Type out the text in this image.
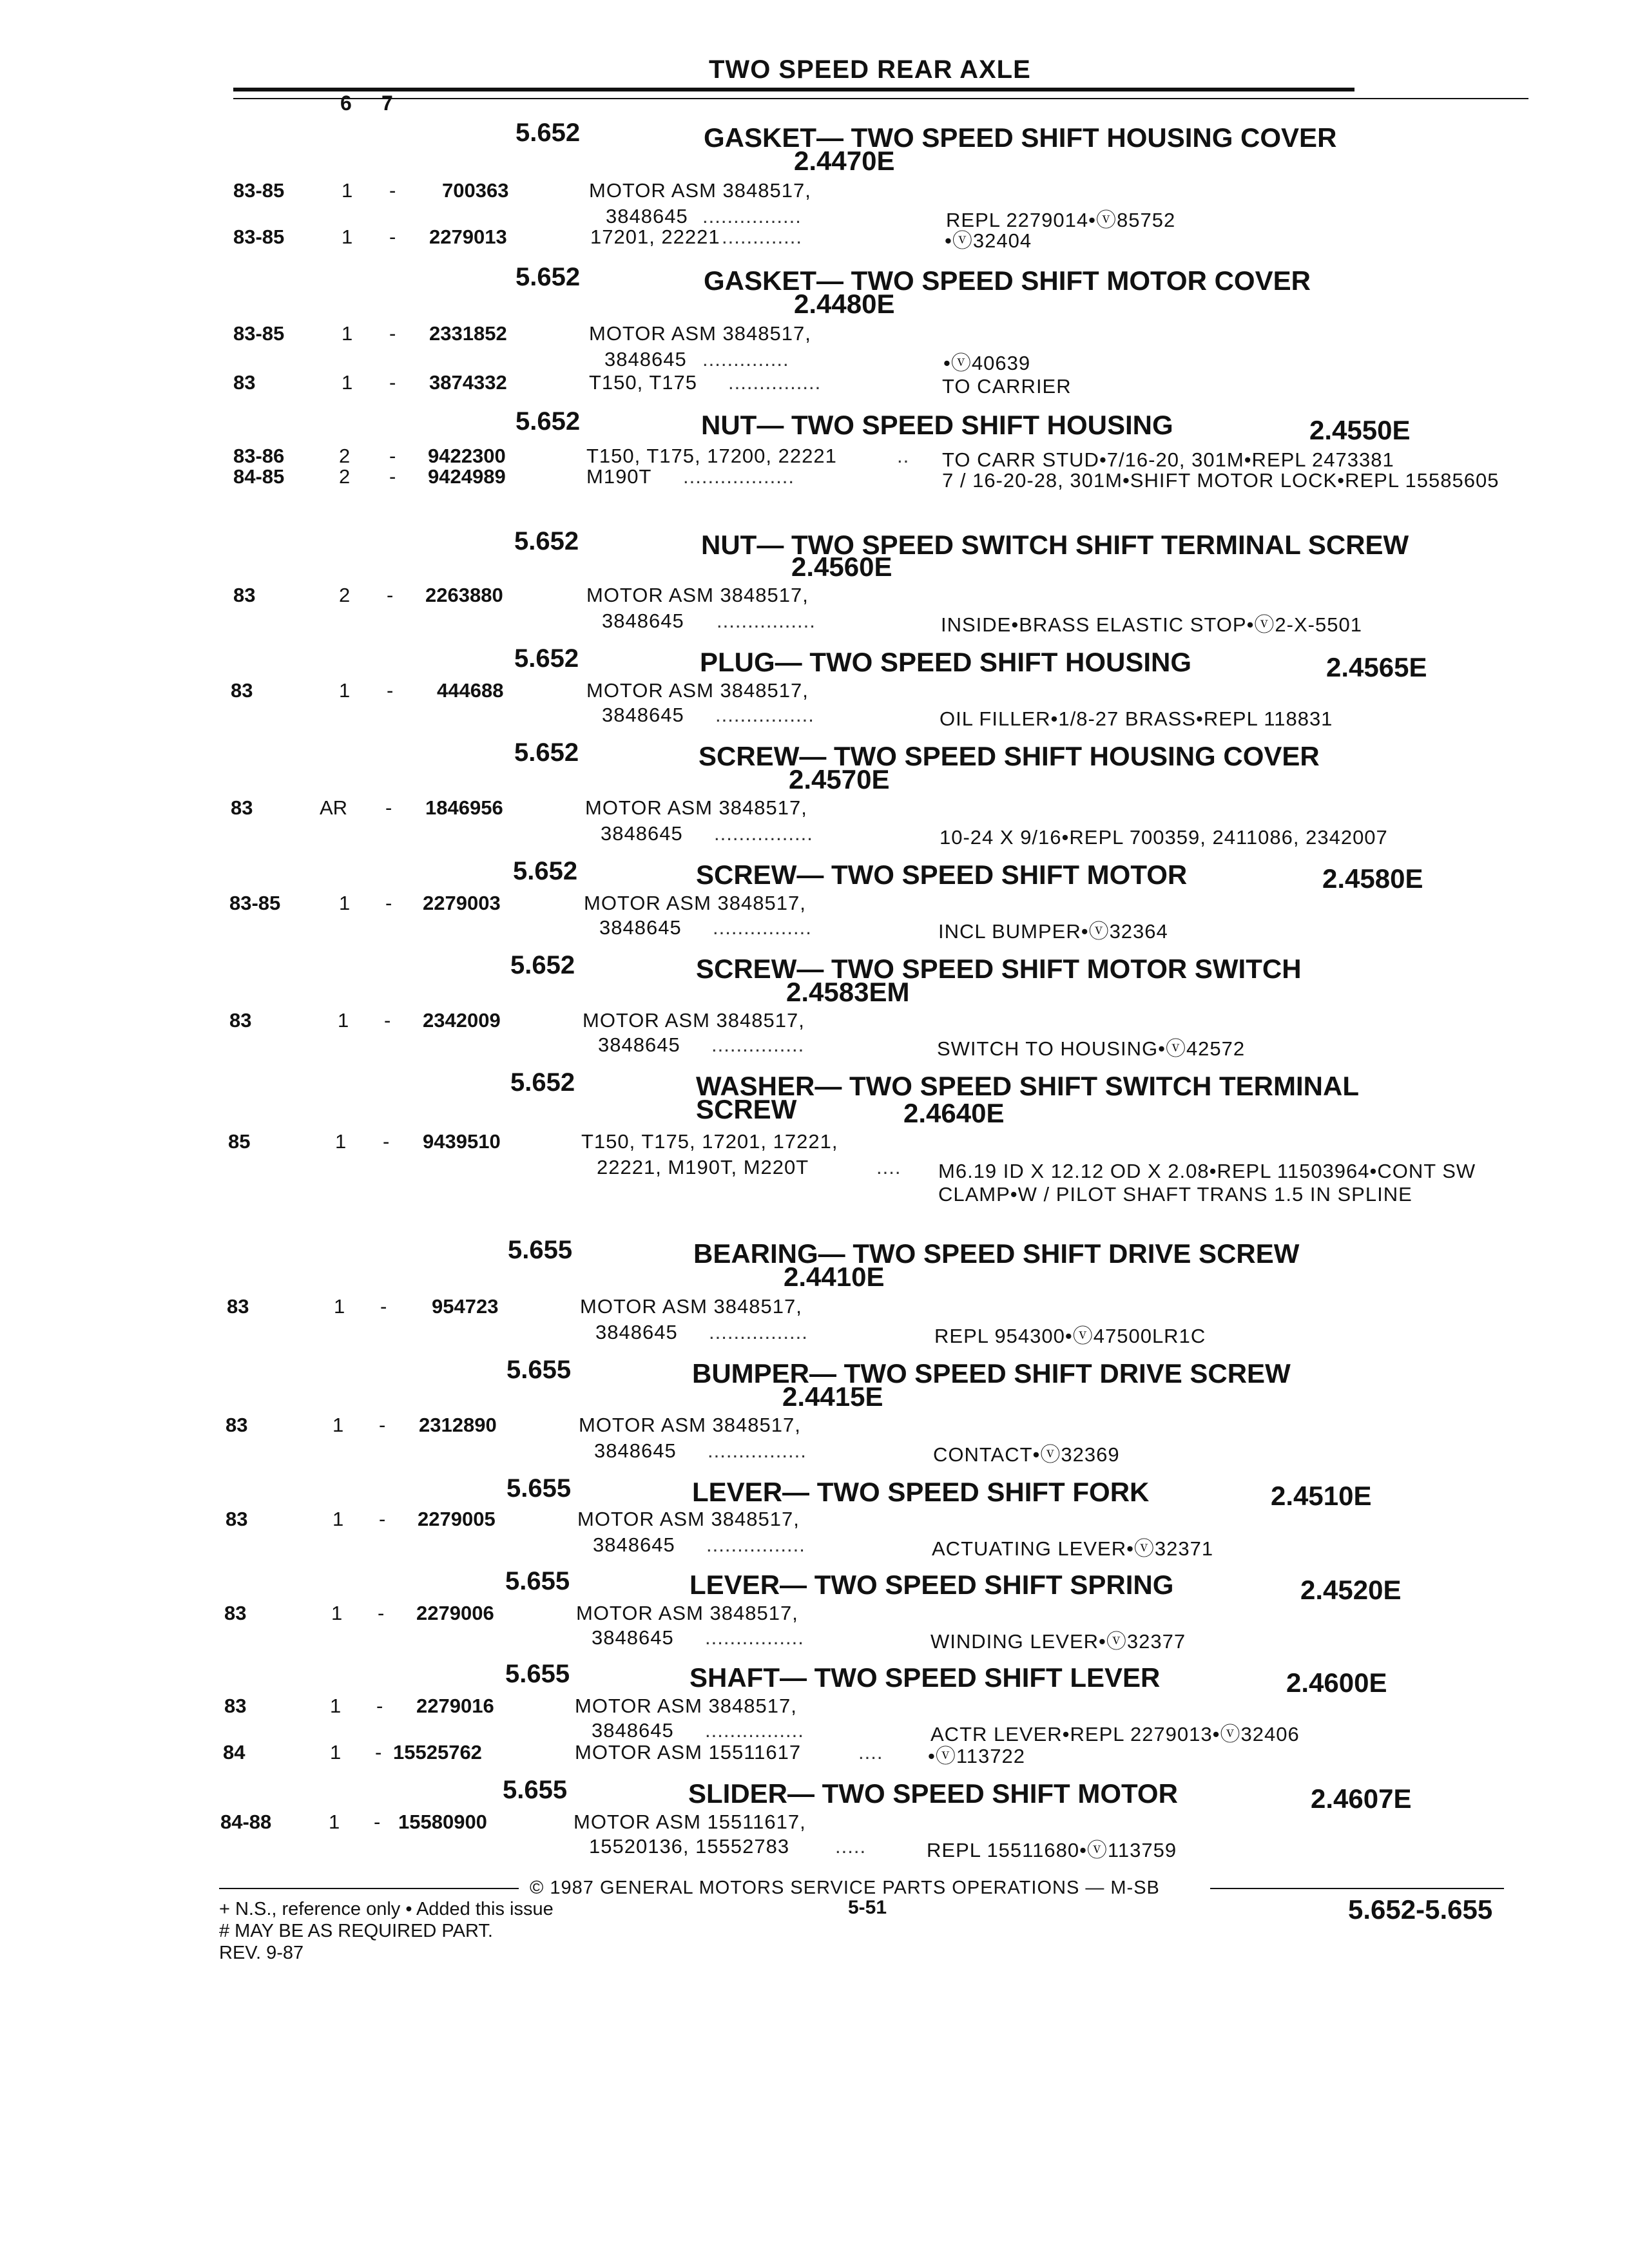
TWO SPEED REAR AXLE
6 7
5.652	GASKET— TWO SPEED SHIFT HOUSING COVER
2.4470E
83-85	1 - 700363	MOTOR ASM 3848517,
3848645 ................	REPL 2279014•ⓥ85752
83-85	1 - 2279013	17201, 22221 .............	•ⓥ32404
5.652	GASKET— TWO SPEED SHIFT MOTOR COVER
2.4480E
83-85	1 - 2331852	MOTOR ASM 3848517,
3848645 ..............	•ⓥ40639
83	1 - 3874332	T150, T175 ...............	TO CARRIER
5.652	NUT— TWO SPEED SHIFT HOUSING	2.4550E
83-86	2 - 9422300	T150, T175, 17200, 22221	.. TO CARR STUD•7/16-20, 301M•REPL 2473381
84-85	2 - 9424989	M190T ..................	7 / 16-20-28, 301M•SHIFT MOTOR LOCK•REPL 15585605
5.652	NUT— TWO SPEED SWITCH SHIFT TERMINAL SCREW
2.4560E
83	2 - 2263880	MOTOR ASM 3848517,
3848645 ................	INSIDE•BRASS ELASTIC STOP•ⓥ2-X-5501
5.652	PLUG— TWO SPEED SHIFT HOUSING	2.4565E
83	1 - 444688	MOTOR ASM 3848517,
3848645 ................	OIL FILLER•1/8-27 BRASS•REPL 118831
5.652	SCREW— TWO SPEED SHIFT HOUSING COVER
2.4570E
83	AR - 1846956	MOTOR ASM 3848517,
3848645 ................	10-24 X 9/16•REPL 700359, 2411086, 2342007
5.652	SCREW— TWO SPEED SHIFT MOTOR	2.4580E
83-85	1 - 2279003	MOTOR ASM 3848517,
3848645 ................	INCL BUMPER•ⓥ32364
5.652	SCREW— TWO SPEED SHIFT MOTOR SWITCH
2.4583EM
83	1 - 2342009	MOTOR ASM 3848517,
3848645 ...............	SWITCH TO HOUSING•ⓥ42572
5.652	WASHER— TWO SPEED SHIFT SWITCH TERMINAL
SCREW	2.4640E
85	1 - 9439510	T150, T175, 17201, 17221,
22221, M190T, M220T	.... M6.19 ID X 12.12 OD X 2.08•REPL 11503964•CONT SW CLAMP•W / PILOT SHAFT TRANS 1.5 IN SPLINE
5.655	BEARING— TWO SPEED SHIFT DRIVE SCREW
2.4410E
83	1 - 954723	MOTOR ASM 3848517,
3848645 ................	REPL 954300•ⓥ47500LR1C
5.655	BUMPER— TWO SPEED SHIFT DRIVE SCREW
2.4415E
83	1 - 2312890	MOTOR ASM 3848517,
3848645 ................	CONTACT•ⓥ32369
5.655	LEVER— TWO SPEED SHIFT FORK	2.4510E
83	1 - 2279005	MOTOR ASM 3848517,
3848645 ................	ACTUATING LEVER•ⓥ32371
5.655	LEVER— TWO SPEED SHIFT SPRING	2.4520E
83	1 - 2279006	MOTOR ASM 3848517,
3848645 ................	WINDING LEVER•ⓥ32377
5.655	SHAFT— TWO SPEED SHIFT LEVER	2.4600E
83	1 - 2279016	MOTOR ASM 3848517,
3848645 ................	ACTR LEVER•REPL 2279013•ⓥ32406
84	1 - 15525762	MOTOR ASM 15511617	.... •ⓥ113722
5.655	SLIDER— TWO SPEED SHIFT MOTOR	2.4607E
84-88	1 - 15580900	MOTOR ASM 15511617,
15520136, 15552783 .....	REPL 15511680•ⓥ113759
© 1987 GENERAL MOTORS SERVICE PARTS OPERATIONS — M-SB
+ N.S., reference only • Added this issue
# MAY BE AS REQUIRED PART.
REV. 9-87
5-51	5.652-5.655
